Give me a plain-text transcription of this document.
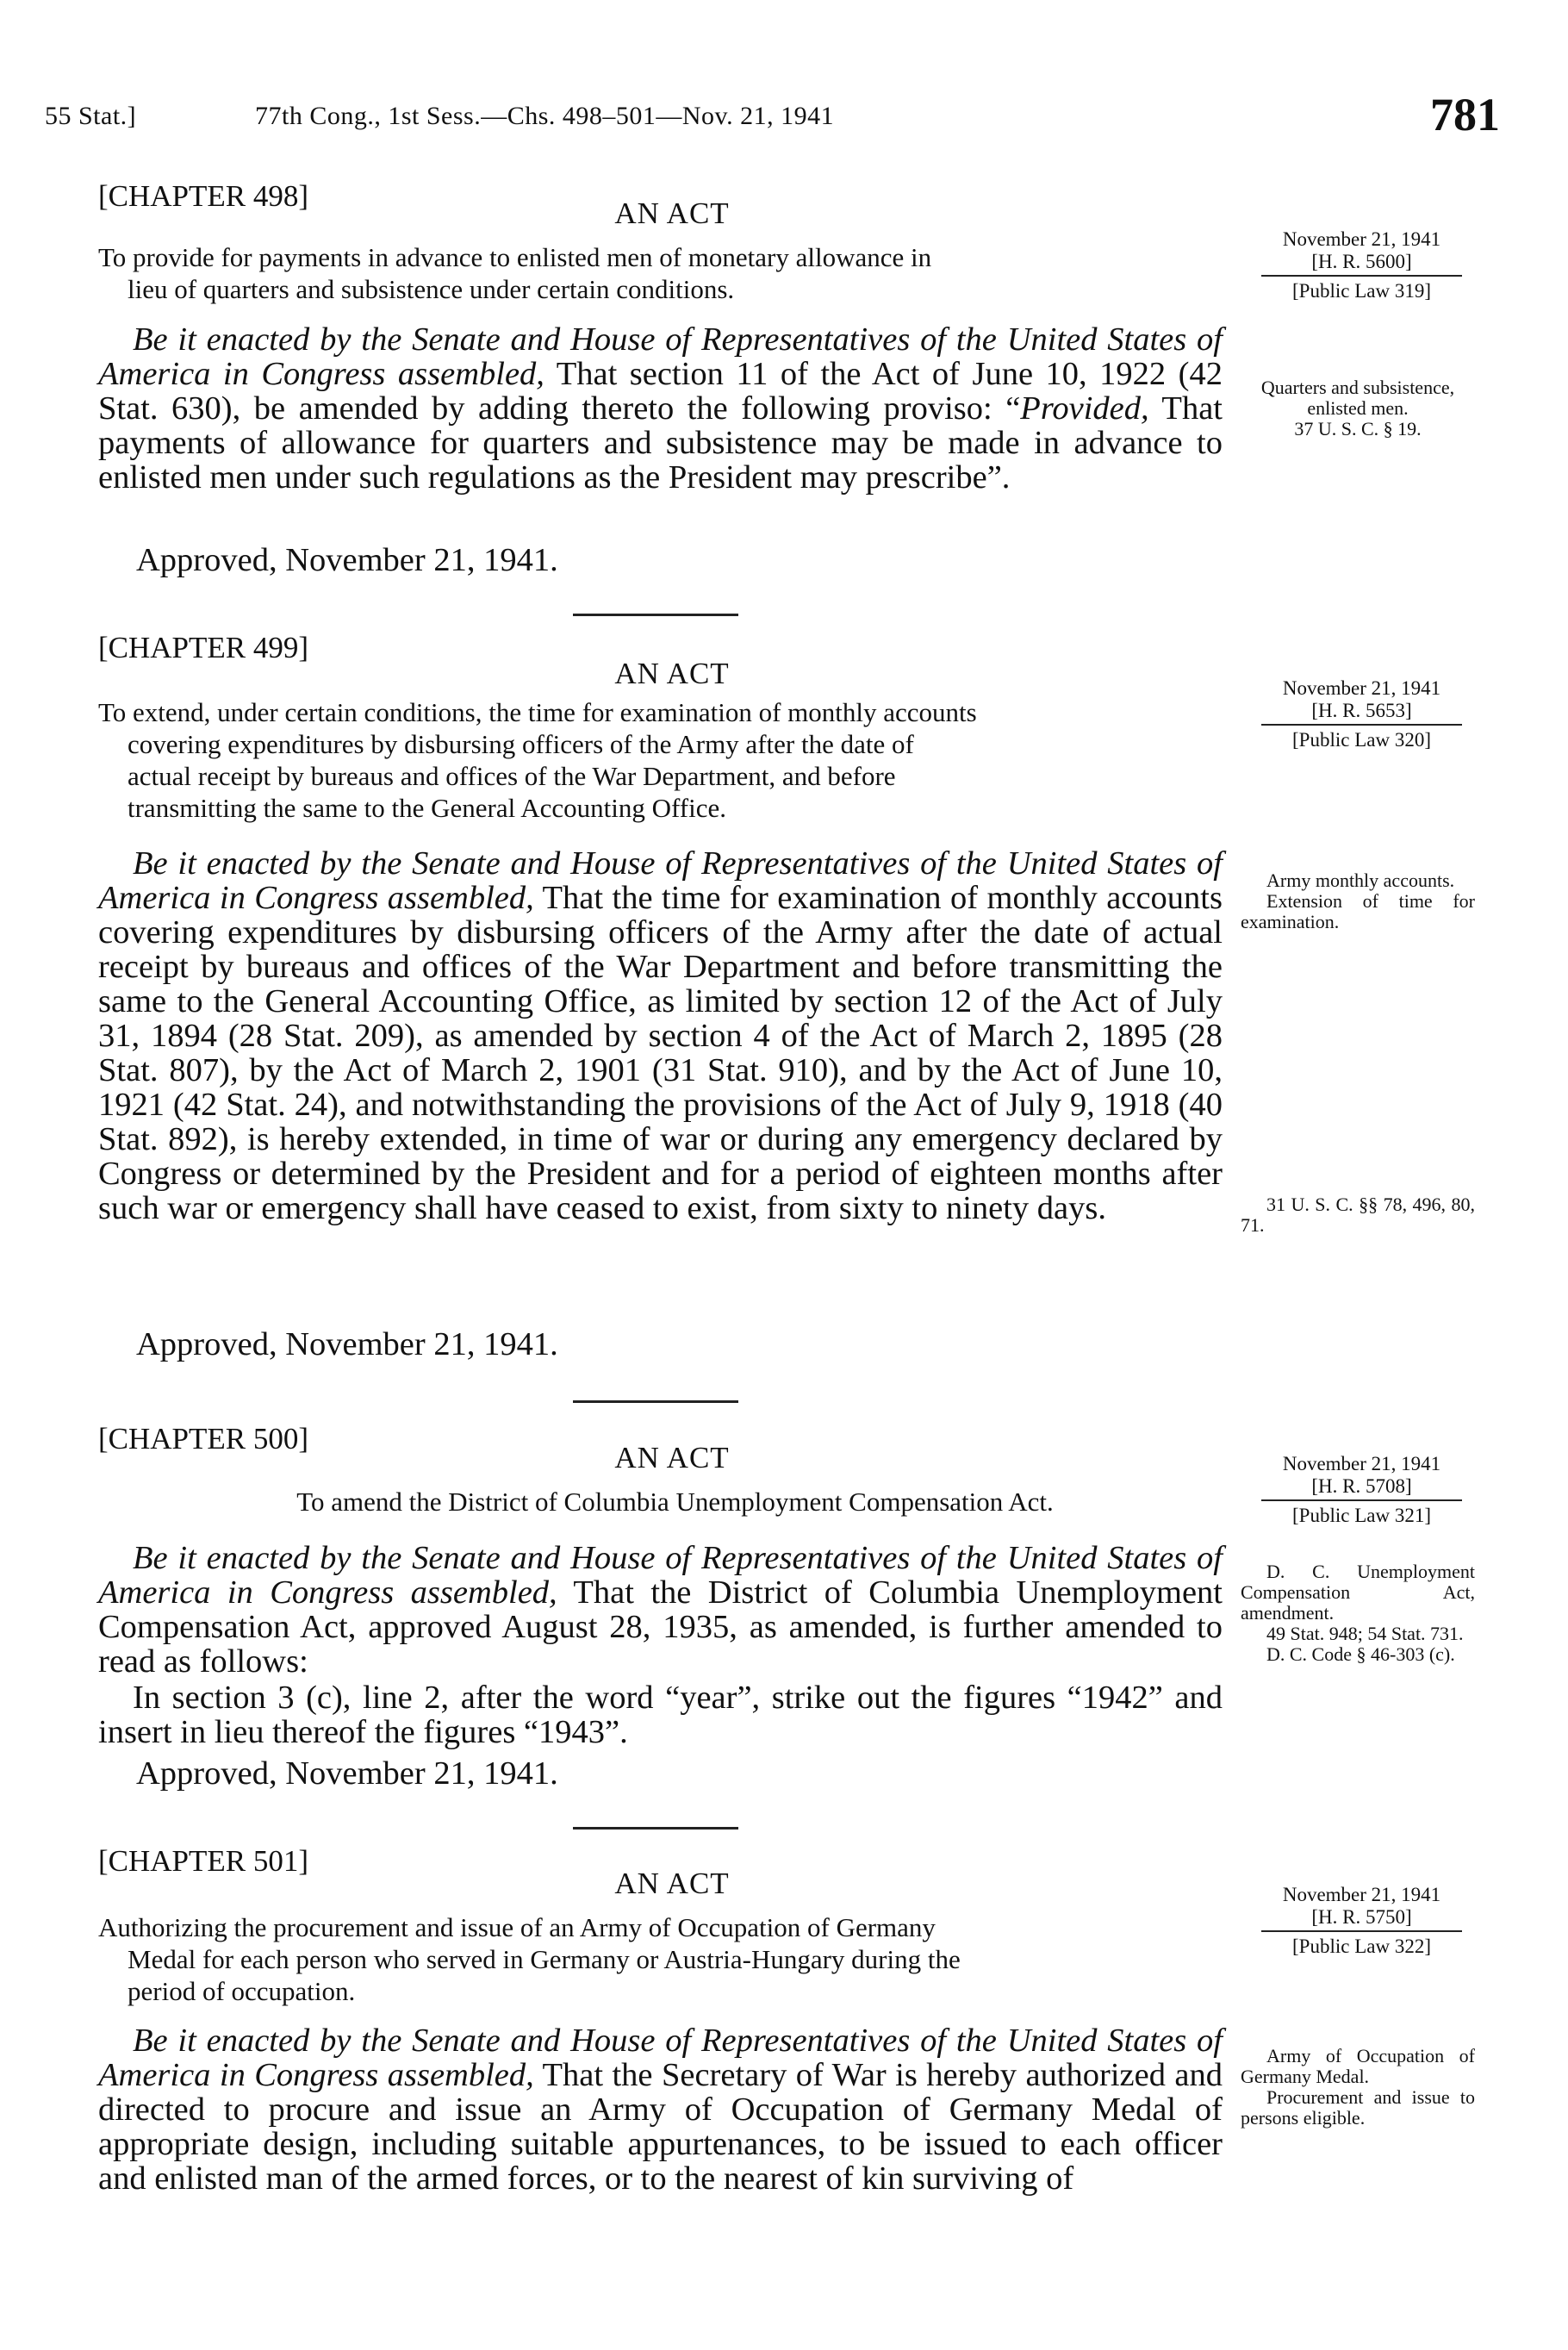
55 Stat.]	77th Cong., 1st Sess.—Chs. 498–501—Nov. 21, 1941	781
[CHAPTER 498]
AN ACT
To provide for payments in advance to enlisted men of monetary allowance in
lieu of quarters and subsistence under certain conditions.
November 21, 1941
[H. R. 5600]
[Public Law 319]
Be it enacted by the Senate and House of Representatives of the United States of America in Congress assembled, That section 11 of the Act of June 10, 1922 (42 Stat. 630), be amended by adding thereto the following proviso: “Provided, That payments of allowance for quarters and subsistence may be made in advance to enlisted men under such regulations as the President may prescribe”.
Approved, November 21, 1941.
Quarters and subsistence, enlisted men.
37 U. S. C. § 19.
[CHAPTER 499]
AN ACT
To extend, under certain conditions, the time for examination of monthly accounts
covering expenditures by disbursing officers of the Army after the date of
actual receipt by bureaus and offices of the War Department, and before
transmitting the same to the General Accounting Office.
November 21, 1941
[H. R. 5653]
[Public Law 320]
Be it enacted by the Senate and House of Representatives of the United States of America in Congress assembled, That the time for examination of monthly accounts covering expenditures by disbursing officers of the Army after the date of actual receipt by bureaus and offices of the War Department and before transmitting the same to the General Accounting Office, as limited by section 12 of the Act of July 31, 1894 (28 Stat. 209), as amended by section 4 of the Act of March 2, 1895 (28 Stat. 807), by the Act of March 2, 1901 (31 Stat. 910), and by the Act of June 10, 1921 (42 Stat. 24), and notwithstanding the provisions of the Act of July 9, 1918 (40 Stat. 892), is hereby extended, in time of war or during any emergency declared by Congress or determined by the President and for a period of eighteen months after such war or emergency shall have ceased to exist, from sixty to ninety days.
Approved, November 21, 1941.
Army monthly accounts.
Extension of time for examination.
31 U. S. C. §§ 78, 496, 80, 71.
[CHAPTER 500]
AN ACT
To amend the District of Columbia Unemployment Compensation Act.
November 21, 1941
[H. R. 5708]
[Public Law 321]
Be it enacted by the Senate and House of Representatives of the United States of America in Congress assembled, That the District of Columbia Unemployment Compensation Act, approved August 28, 1935, as amended, is further amended to read as follows:
In section 3 (c), line 2, after the word “year”, strike out the figures “1942” and insert in lieu thereof the figures “1943”.
Approved, November 21, 1941.
D. C. Unemployment Compensation Act, amendment.
49 Stat. 948; 54 Stat. 731.
D. C. Code § 46-303 (c).
[CHAPTER 501]
AN ACT
Authorizing the procurement and issue of an Army of Occupation of Germany
Medal for each person who served in Germany or Austria-Hungary during the
period of occupation.
November 21, 1941
[H. R. 5750]
[Public Law 322]
Be it enacted by the Senate and House of Representatives of the United States of America in Congress assembled, That the Secretary of War is hereby authorized and directed to procure and issue an Army of Occupation of Germany Medal of appropriate design, including suitable appurtenances, to be issued to each officer and enlisted man of the armed forces, or to the nearest of kin surviving of
Army of Occupation of Germany Medal.
Procurement and issue to persons eligible.
